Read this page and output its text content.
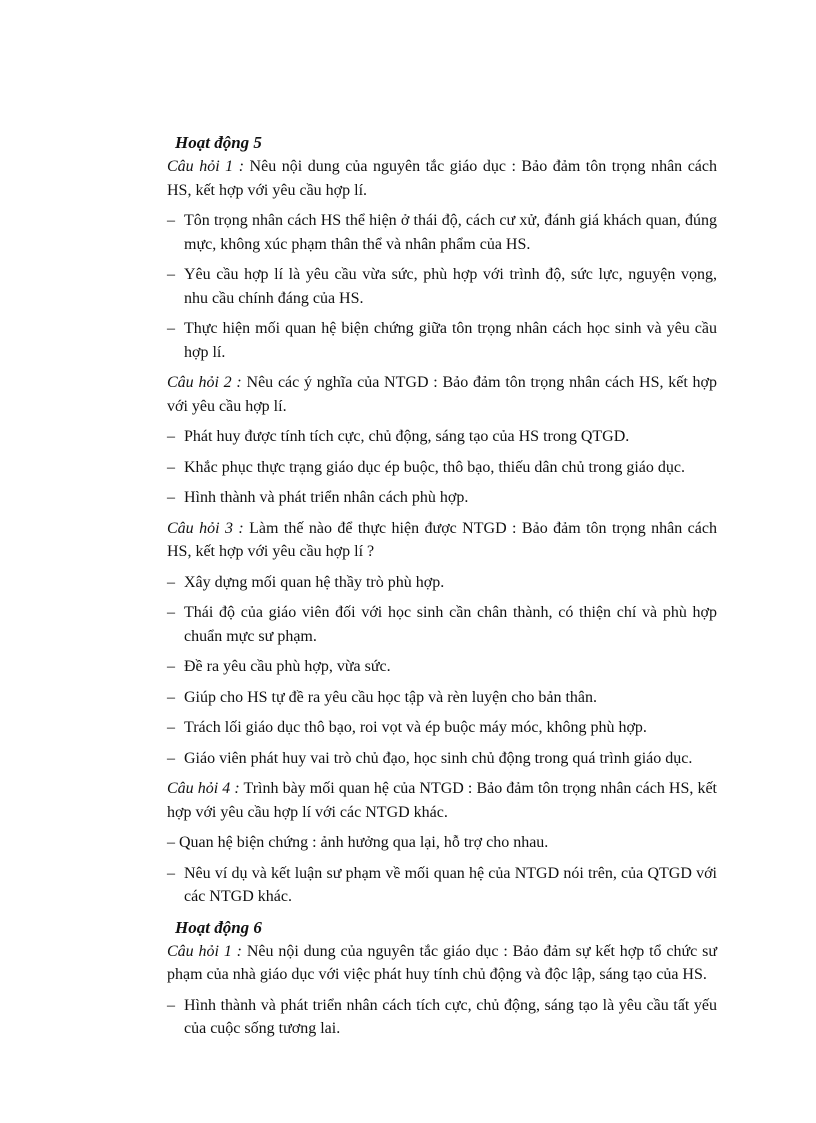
Hoạt động 5

Câu hỏi 1 : Nêu nội dung của nguyên tắc giáo dục : Bảo đảm tôn trọng nhân cách HS, kết hợp với yêu cầu hợp lí.

– Tôn trọng nhân cách HS thể hiện ở thái độ, cách cư xử, đánh giá khách quan, đúng mực, không xúc phạm thân thể và nhân phẩm của HS.
– Yêu cầu hợp lí là yêu cầu vừa sức, phù hợp với trình độ, sức lực, nguyện vọng, nhu cầu chính đáng của HS.
– Thực hiện mối quan hệ biện chứng giữa tôn trọng nhân cách học sinh và yêu cầu hợp lí.

Câu hỏi 2 : Nêu các ý nghĩa của NTGD : Bảo đảm tôn trọng nhân cách HS, kết hợp với yêu cầu hợp lí.

– Phát huy được tính tích cực, chủ động, sáng tạo của HS trong QTGD.
– Khắc phục thực trạng giáo dục ép buộc, thô bạo, thiếu dân chủ trong giáo dục.
– Hình thành và phát triển nhân cách phù hợp.

Câu hỏi 3 : Làm thế nào để thực hiện được NTGD : Bảo đảm tôn trọng nhân cách HS, kết hợp với yêu cầu hợp lí ?

– Xây dựng mối quan hệ thầy trò phù hợp.
– Thái độ của giáo viên đối với học sinh cần chân thành, có thiện chí và phù hợp chuẩn mực sư phạm.
– Đề ra yêu cầu phù hợp, vừa sức.
– Giúp cho HS tự đề ra yêu cầu học tập và rèn luyện cho bản thân.
– Trách lối giáo dục thô bạo, roi vọt và ép buộc máy móc, không phù hợp.
– Giáo viên phát huy vai trò chủ đạo, học sinh chủ động trong quá trình giáo dục.

Câu hỏi 4 : Trình bày mối quan hệ của NTGD : Bảo đảm tôn trọng nhân cách HS, kết hợp với yêu cầu hợp lí với các NTGD khác.

– Quan hệ biện chứng : ảnh hưởng qua lại, hỗ trợ cho nhau.
– Nêu ví dụ và kết luận sư phạm về mối quan hệ của NTGD nói trên, của QTGD với các NTGD khác.
Hoạt động 6

Câu hỏi 1 : Nêu nội dung của nguyên tắc giáo dục : Bảo đảm sự kết hợp tổ chức sư phạm của nhà giáo dục với việc phát huy tính chủ động và độc lập, sáng tạo của HS.

– Hình thành và phát triển nhân cách tích cực, chủ động, sáng tạo là yêu cầu tất yếu của cuộc sống tương lai.
